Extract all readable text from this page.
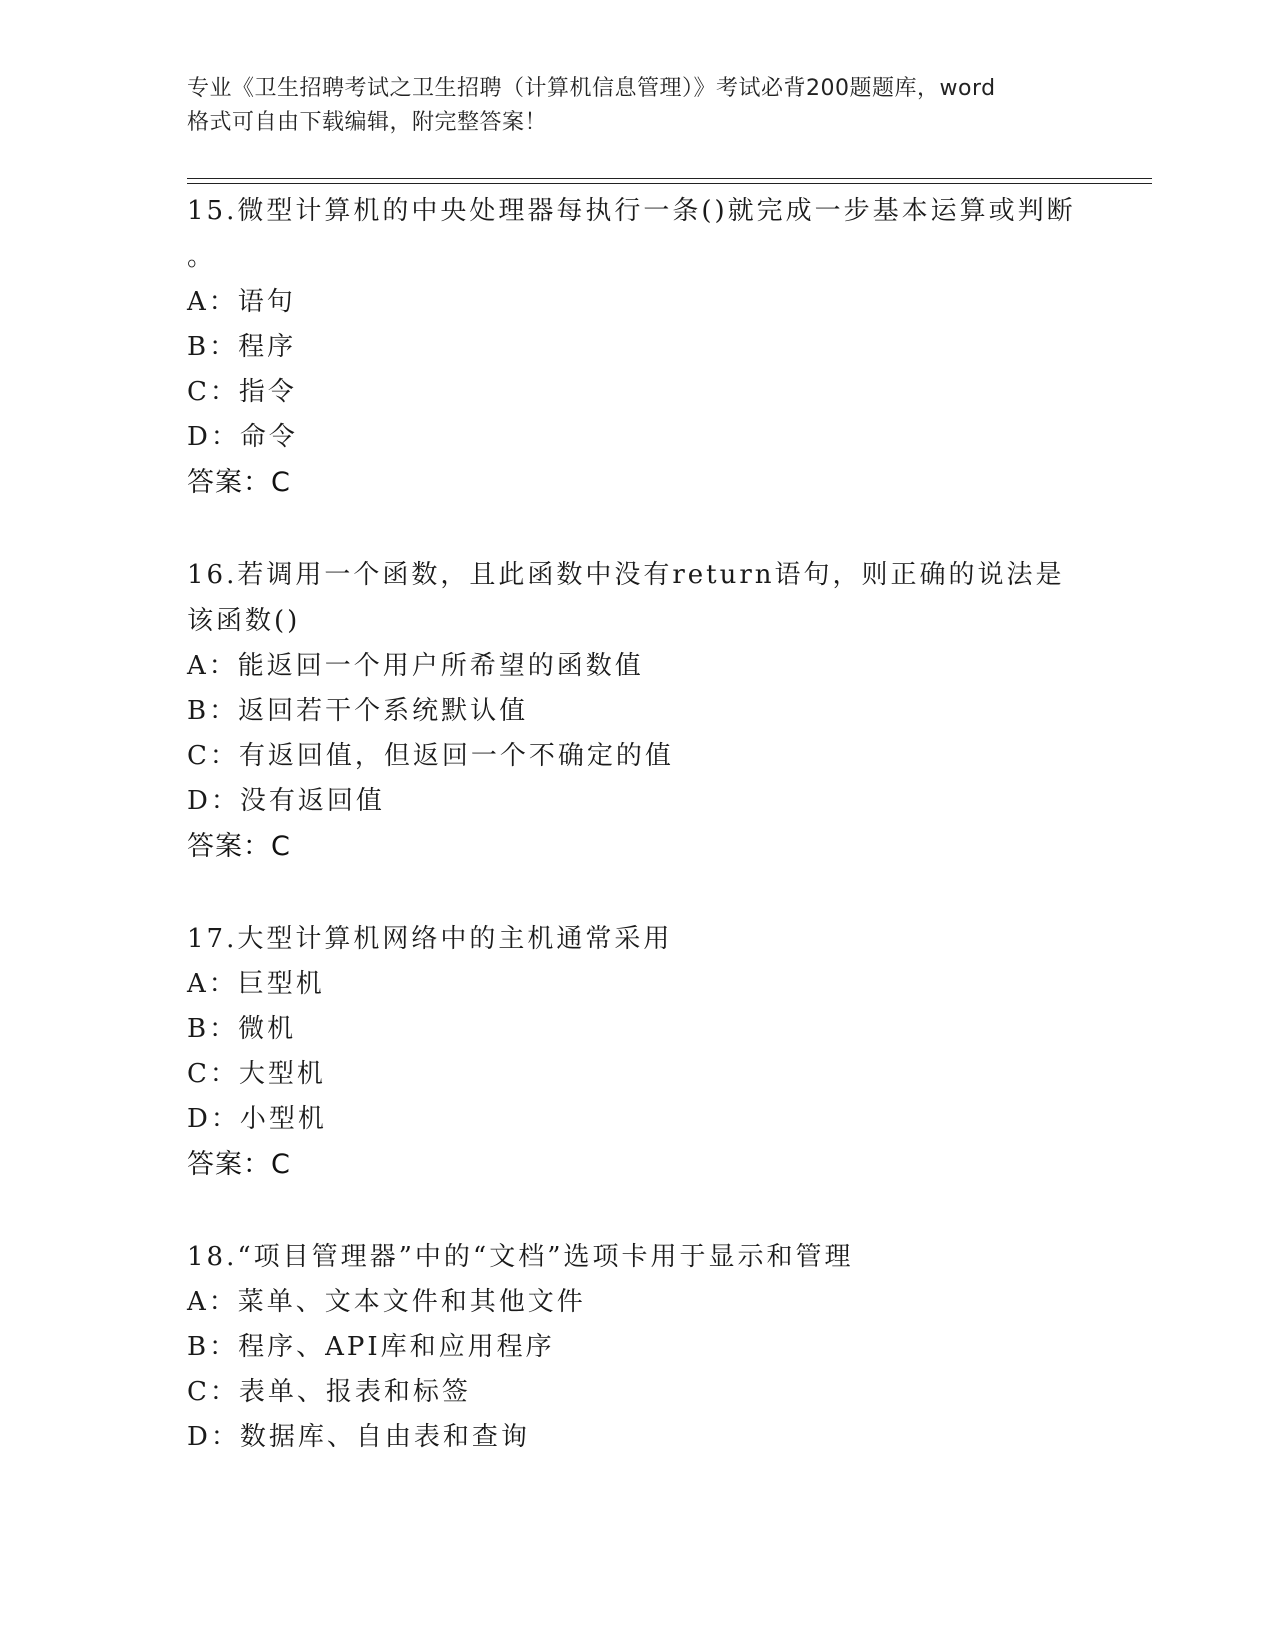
专业《卫生招聘考试之卫生招聘（计算机信息管理）》考试必背200题题库，word
格式可自由下载编辑，附完整答案！
15.微型计算机的中央处理器每执行一条()就完成一步基本运算或判断
。
A：语句
B：程序
C：指令
D：命令
答案：C
16.若调用一个函数，且此函数中没有return语句，则正确的说法是
该函数()
A：能返回一个用户所希望的函数值
B：返回若干个系统默认值
C：有返回值，但返回一个不确定的值
D：没有返回值
答案：C
17.大型计算机网络中的主机通常采用
A：巨型机
B：微机
C：大型机
D：小型机
答案：C
18.“项目管理器”中的“文档”选项卡用于显示和管理
A：菜单、文本文件和其他文件
B：程序、API库和应用程序
C：表单、报表和标签
D：数据库、自由表和查询
